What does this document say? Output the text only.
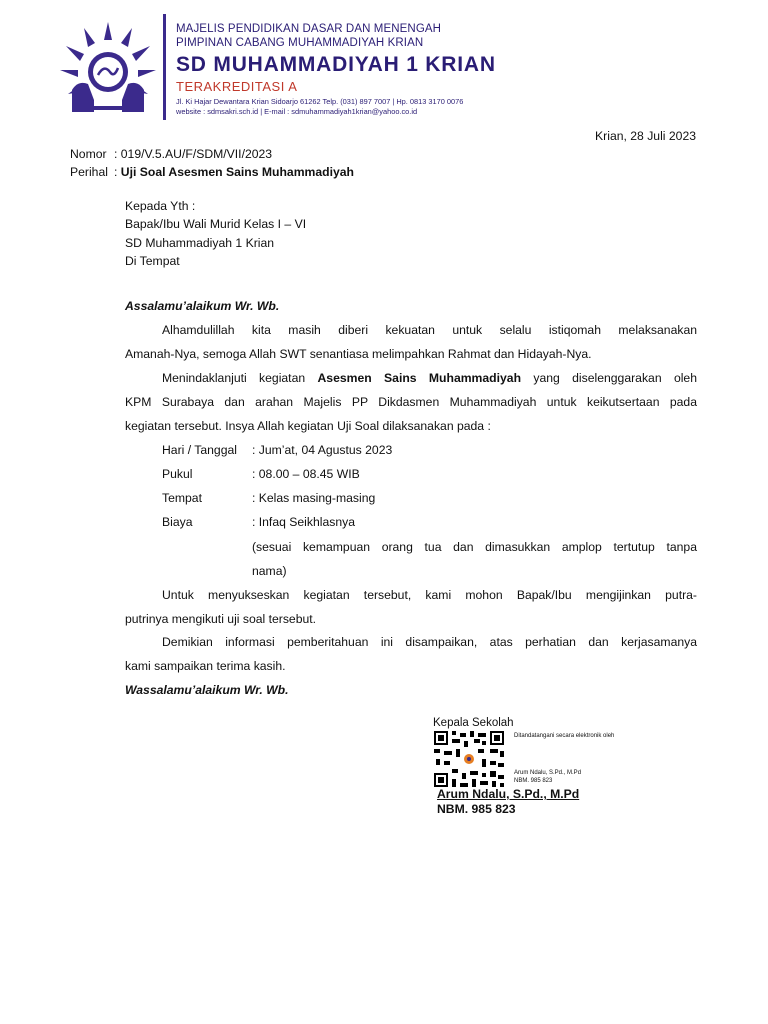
MAJELIS PENDIDIKAN DASAR DAN MENENGAH
PIMPINAN CABANG MUHAMMADIYAH KRIAN
SD MUHAMMADIYAH 1 KRIAN
TERAKREDITASI A
Jl. Ki Hajar Dewantara Krian Sidoarjo 61262 Telp. (031) 897 7007 | Hp. 0813 3170 0076
website : sdmsakri.sch.id | E-mail : sdmuhammadiyah1krian@yahoo.co.id
Krian, 28 Juli 2023
Nomor : 019/V.5.AU/F/SDM/VII/2023
Perihal : Uji Soal Asesmen Sains Muhammadiyah
Kepada Yth :
Bapak/Ibu Wali Murid Kelas I – VI
SD Muhammadiyah 1 Krian
Di Tempat
Assalamu’alaikum Wr. Wb.
Alhamdulillah kita masih diberi kekuatan untuk selalu istiqomah melaksanakan
Amanah-Nya, semoga Allah SWT senantiasa melimpahkan Rahmat dan Hidayah-Nya.
Menindaklanjuti kegiatan Asesmen Sains Muhammadiyah yang diselenggarakan oleh
KPM Surabaya dan arahan Majelis PP Dikdasmen Muhammadiyah untuk keikutsertaan pada
kegiatan tersebut. Insya Allah kegiatan Uji Soal dilaksanakan pada :
Hari / Tanggal : Jum’at, 04 Agustus 2023
Pukul	: 08.00 – 08.45 WIB
Tempat	: Kelas masing-masing
Biaya	: Infaq Seikhlasnya
(sesuai kemampuan orang tua dan dimasukkan amplop tertutup tanpa
nama)
Untuk menyukseskan kegiatan tersebut, kami mohon Bapak/Ibu mengijinkan putra-
putrinya mengikuti uji soal tersebut.
Demikian informasi pemberitahuan ini disampaikan, atas perhatian dan kerjasamanya
kami sampaikan terima kasih.
Wassalamu’alaikum Wr. Wb.
Kepala Sekolah
Ditandatangani secara elektronik oleh
Arum Ndalu, S.Pd., M.Pd
NBM. 985 823
Arum Ndalu, S.Pd., M.Pd
NBM. 985 823
